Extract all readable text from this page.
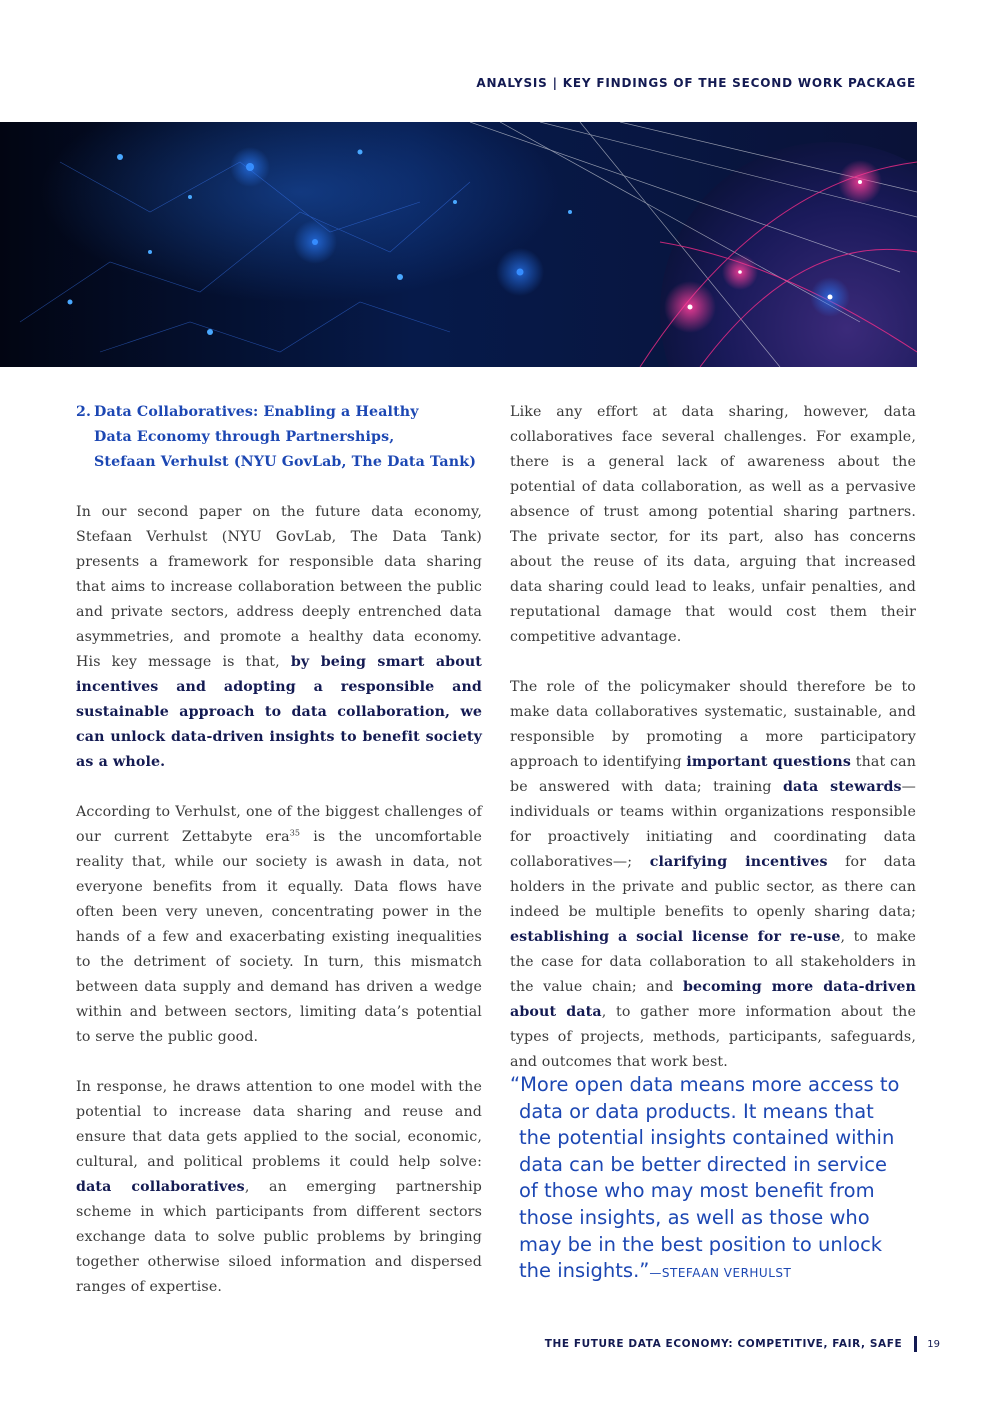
ANALYSIS | KEY FINDINGS OF THE SECOND WORK PACKAGE
2. Data Collaboratives: Enabling a Healthy
Data Economy through Partnerships,
Stefaan Verhulst (NYU GovLab, The Data Tank)

In our second paper on the future data economy, Stefaan Verhulst (NYU GovLab, The Data Tank) presents a framework for responsible data sharing that aims to increase collaboration between the public and private sectors, address deeply entrenched data asymmetries, and promote a healthy data economy. His key message is that, by being smart about incentives and adopting a responsible and sustainable approach to data collaboration, we can unlock data-driven insights to benefit society as a whole.

According to Verhulst, one of the biggest challenges of our current Zettabyte era$^{35}$ is the uncomfortable reality that, while our society is awash in data, not everyone benefits from it equally. Data flows have often been very uneven, concentrating power in the hands of a few and exacerbating existing inequalities to the detriment of society. In turn, this mismatch between data supply and demand has driven a wedge within and between sectors, limiting data’s potential to serve the public good.

In response, he draws attention to one model with the potential to increase data sharing and reuse and ensure that data gets applied to the social, economic, cultural, and political problems it could help solve: data collaboratives, an emerging partnership scheme in which participants from different sectors exchange data to solve public problems by bringing together otherwise siloed information and dispersed ranges of expertise.

Like any effort at data sharing, however, data collaboratives face several challenges. For example, there is a general lack of awareness about the potential of data collaboration, as well as a pervasive absence of trust among potential sharing partners. The private sector, for its part, also has concerns about the reuse of its data, arguing that increased data sharing could lead to leaks, unfair penalties, and reputational damage that would cost them their competitive advantage.

The role of the policymaker should therefore be to make data collaboratives systematic, sustainable, and responsible by promoting a more participatory approach to identifying important questions that can be answered with data; training data stewards—individuals or teams within organizations responsible for proactively initiating and coordinating data collaboratives—; clarifying incentives for data holders in the private and public sector, as there can indeed be multiple benefits to openly sharing data; establishing a social license for re-use, to make the case for data collaboration to all stakeholders in the value chain; and becoming more data-driven about data, to gather more information about the types of projects, methods, participants, safeguards, and outcomes that work best.

“More open data means more access to
data or data products. It means that
the potential insights contained within
data can be better directed in service
of those who may most benefit from
those insights, as well as those who
may be in the best position to unlock
the insights.”—STEFAAN VERHULST
THE FUTURE DATA ECONOMY: COMPETITIVE, FAIR, SAFE	19
